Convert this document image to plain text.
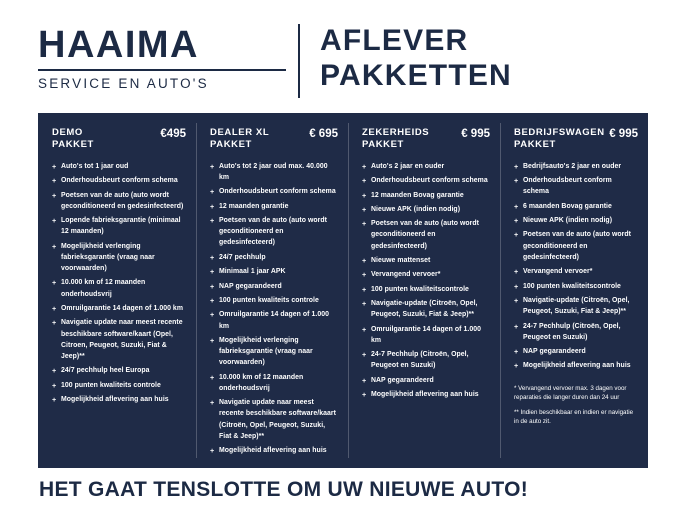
HAAIMA
SERVICE EN AUTO'S
AFLEVER
PAKKETTEN
DEMO
PAKKET
€495
+ Auto's tot 1 jaar oud
+ Onderhoudsbeurt conform schema
+ Poetsen van de auto (auto wordt geconditioneerd en gedesinfecteerd)
+ Lopende fabrieksgarantie (minimaal 12 maanden)
+ Mogelijkheid verlenging fabrieksgarantie (vraag naar voorwaarden)
+ 10.000 km of 12 maanden onderhoudsvrij
+ Omruilgarantie 14 dagen of 1.000 km
+ Navigatie update naar meest recente beschikbare software/kaart (Opel, Citroen, Peugeot, Suzuki, Fiat & Jeep)**
+ 24/7 pechhulp heel Europa
+ 100 punten kwaliteits controle
+ Mogelijkheid aflevering aan huis
DEALER XL
PAKKET
€ 695
+ Auto's tot 2 jaar oud max. 40.000 km
+ Onderhoudsbeurt conform schema
+ 12 maanden garantie
+ Poetsen van de auto (auto wordt geconditioneerd en gedesinfecteerd)
+ 24/7 pechhulp
+ Minimaal 1 jaar APK
+ NAP gegarandeerd
+ 100 punten kwaliteits controle
+ Omruilgarantie 14 dagen of 1.000 km
+ Mogelijkheid verlenging fabrieksgarantie (vraag naar voorwaarden)
+ 10.000 km of 12 maanden onderhoudsvrij
+ Navigatie update naar meest recente beschikbare software/kaart (Citroën, Opel, Peugeot, Suzuki, Fiat & Jeep)**
+ Mogelijkheid aflevering aan huis
ZEKERHEIDS
PAKKET
€ 995
+ Auto's 2 jaar en ouder
+ Onderhoudsbeurt conform schema
+ 12 maanden Bovag garantie
+ Nieuwe APK (indien nodig)
+ Poetsen van de auto (auto wordt geconditioneerd en gedesinfecteerd)
+ Nieuwe mattenset
+ Vervangend vervoer*
+ 100 punten kwaliteitscontrole
+ Navigatie-update (Citroën, Opel, Peugeot, Suzuki, Fiat & Jeep)**
+ Omruilgarantie 14 dagen of 1.000 km
+ 24-7 Pechhulp (Citroën, Opel, Peugeot en Suzuki)
+ NAP gegarandeerd
+ Mogelijkheid aflevering aan huis
BEDRIJFSWAGEN
PAKKET
€ 995
+ Bedrijfsauto's 2 jaar en ouder
+ Onderhoudsbeurt conform schema
+ 6 maanden Bovag garantie
+ Nieuwe APK (indien nodig)
+ Poetsen van de auto (auto wordt geconditioneerd en gedesinfecteerd)
+ Vervangend vervoer*
+ 100 punten kwaliteitscontrole
+ Navigatie-update (Citroën, Opel, Peugeot, Suzuki, Fiat & Jeep)**
+ 24-7 Pechhulp (Citroën, Opel, Peugeot en Suzuki)
+ NAP gegarandeerd
+ Mogelijkheid aflevering aan huis
* Vervangend vervoer max. 3 dagen voor reparaties die langer duren dan 24 uur
** Indien beschikbaar en indien er navigatie in de auto zit.
HET GAAT TENSLOTTE OM UW NIEUWE AUTO!
